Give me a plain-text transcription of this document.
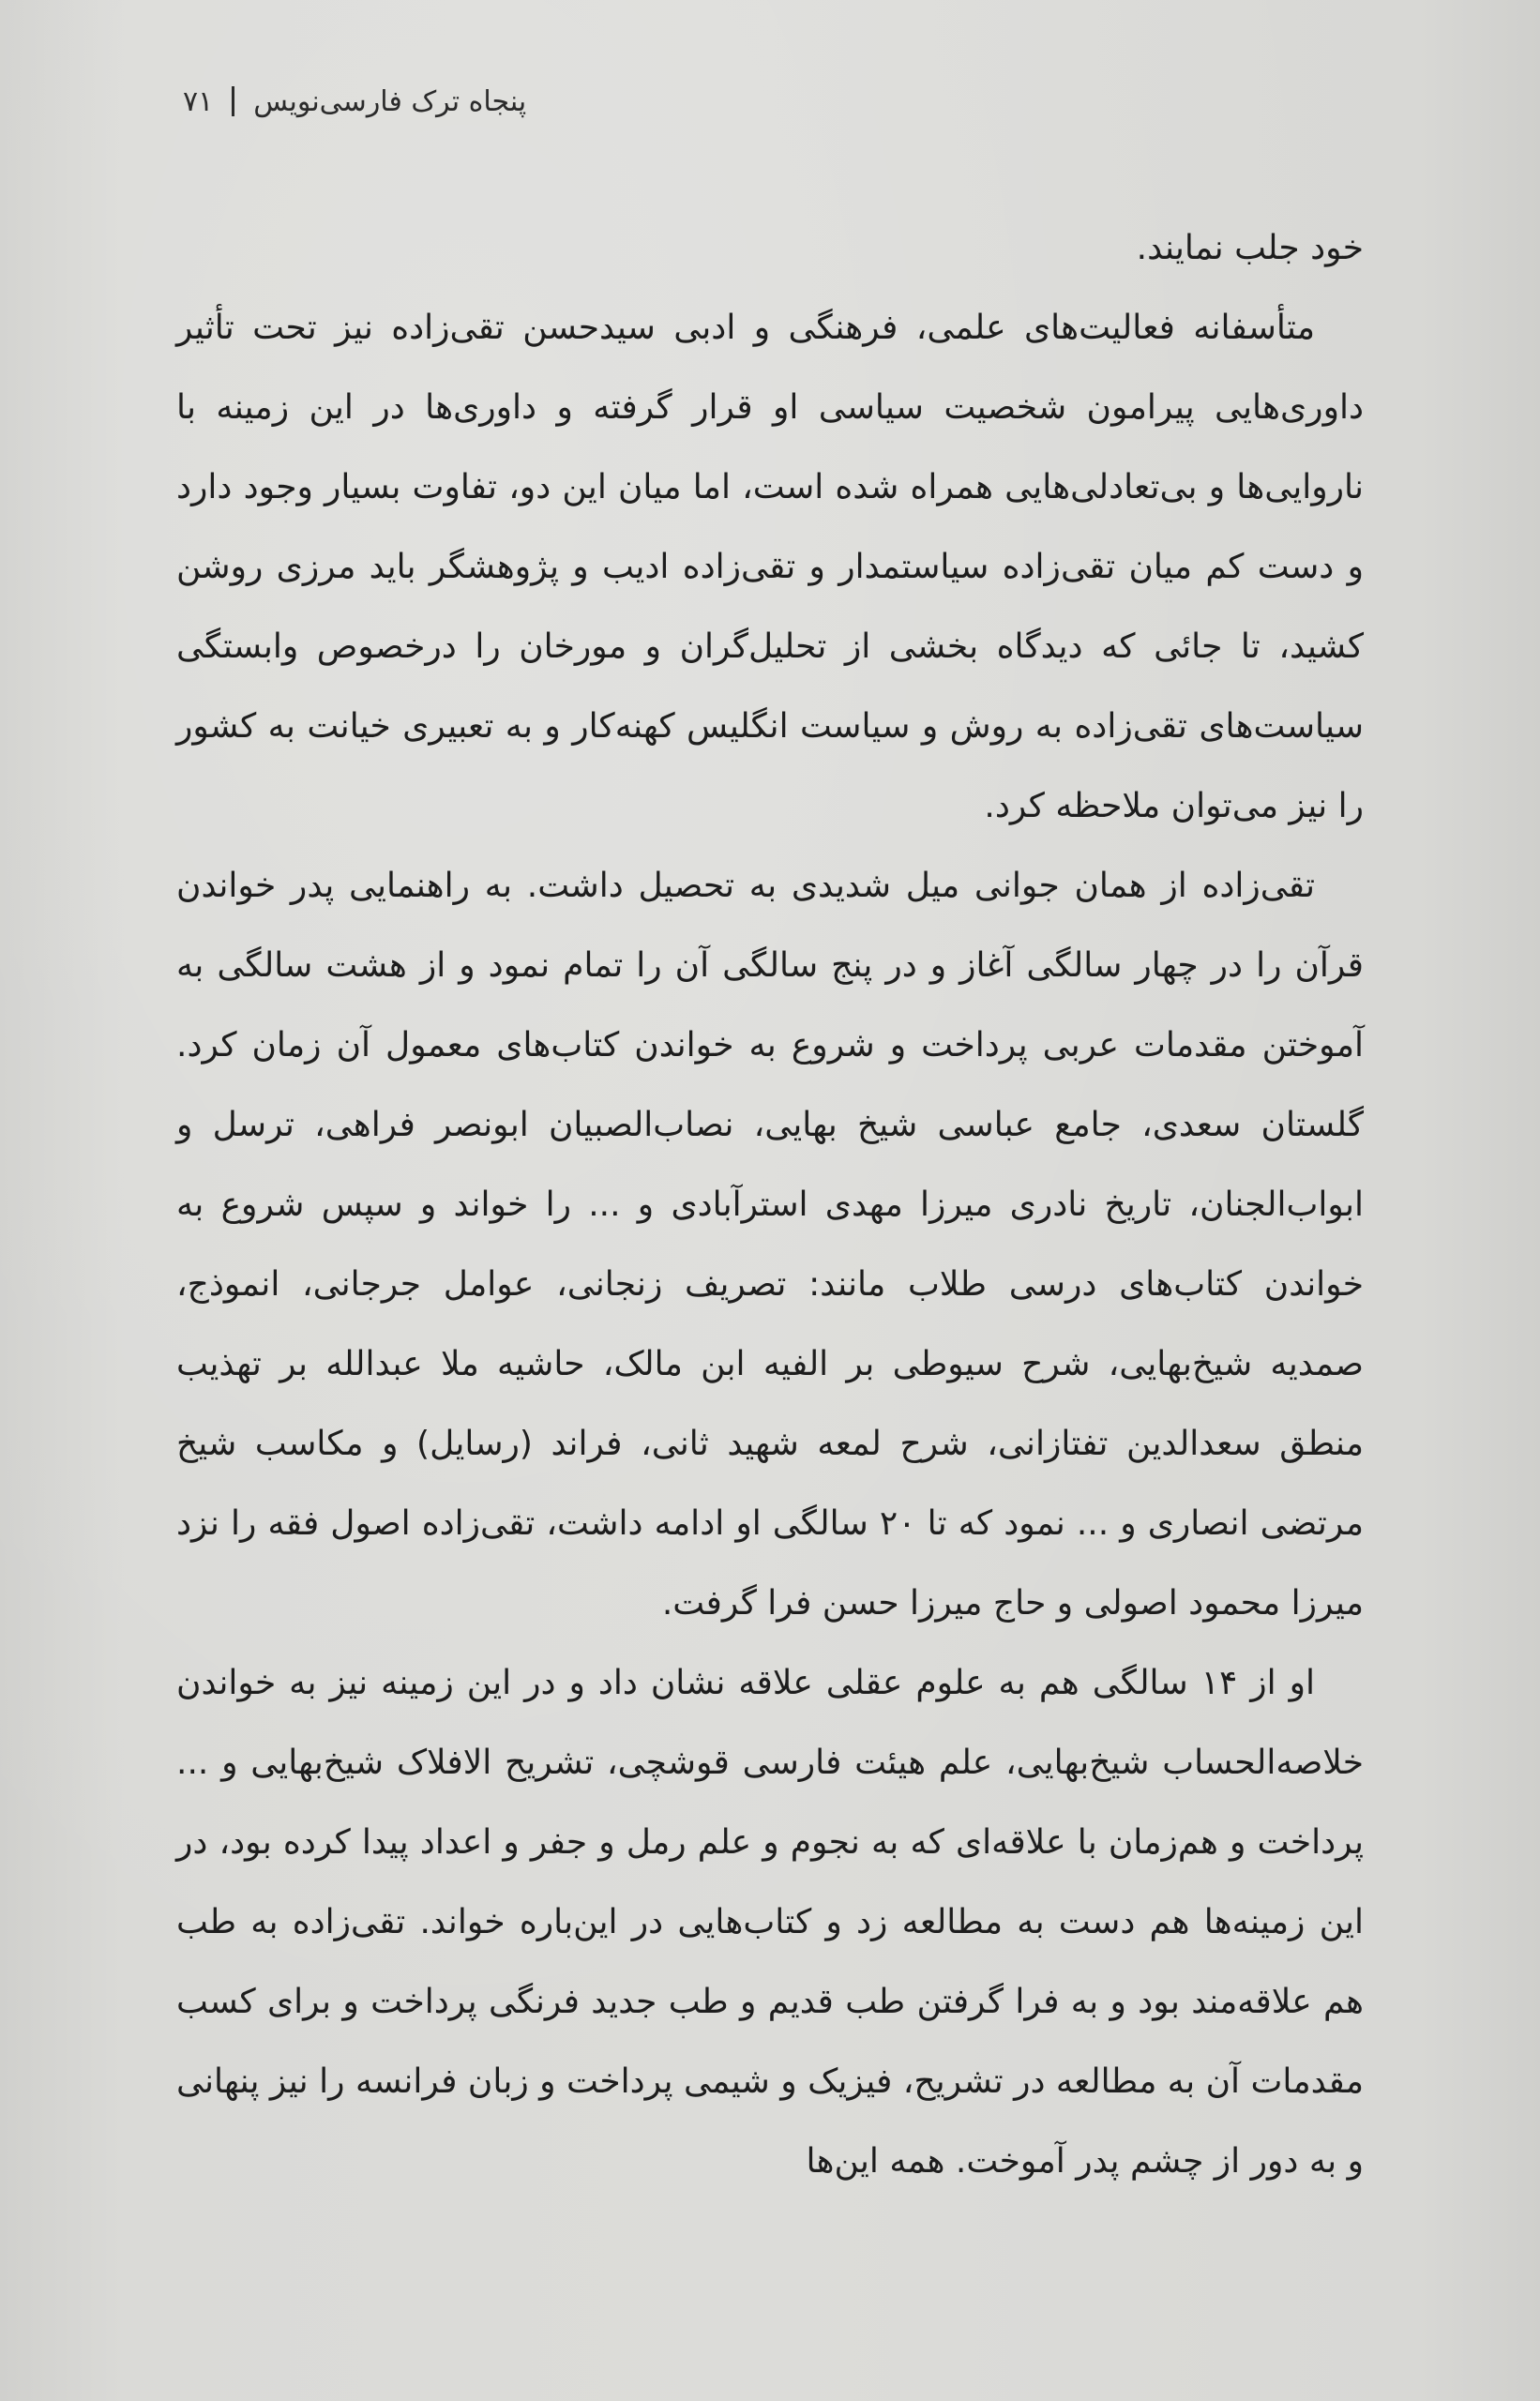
۷۱ پنجاه ترک فارسی‌نویس

خود جلب نمایند.

متأسفانه فعالیت‌های علمی، فرهنگی و ادبی سیدحسن تقی‌زاده نیز تحت تأثیر داوری‌هایی پیرامون شخصیت سیاسی او قرار گرفته و داوری‌ها در این زمینه با ناروایی‌ها و بی‌تعادلی‌هایی همراه شده است، اما میان این دو، تفاوت بسیار وجود دارد و دست کم میان تقی‌زاده سیاستمدار و تقی‌زاده ادیب و پژوهشگر باید مرزی روشن کشید، تا جائی که دیدگاه بخشی از تحلیل‌گران و مورخان را درخصوص وابستگی سیاست‌های تقی‌زاده به روش و سیاست انگلیس کهنه‌کار و به تعبیری خیانت به کشور را نیز می‌توان ملاحظه کرد.

تقی‌زاده از همان جوانی میل شدیدی به تحصیل داشت. به راهنمایی پدر خواندن قرآن را در چهار سالگی آغاز و در پنج سالگی آن را تمام نمود و از هشت سالگی به آموختن مقدمات عربی پرداخت و شروع به خواندن کتاب‌های معمول آن زمان کرد. گلستان سعدی، جامع عباسی شیخ بهایی، نصاب‌الصبیان ابونصر فراهی، ترسل و ابواب‌الجنان، تاریخ نادری میرزا مهدی استرآبادی و ... را خواند و سپس شروع به خواندن کتاب‌های درسی طلاب مانند: تصریف زنجانی، عوامل جرجانی، انموذج، صمدیه شیخ‌بهایی، شرح سیوطی بر الفیه ابن مالک، حاشیه ملا عبدالله بر تهذیب منطق سعدالدین تفتازانی، شرح لمعه شهید ثانی، فراند (رسایل) و مکاسب شیخ مرتضی انصاری و ... نمود که تا ۲۰ سالگی او ادامه داشت، تقی‌زاده اصول فقه را نزد میرزا محمود اصولی و حاج میرزا حسن فرا گرفت.

او از ۱۴ سالگی هم به علوم عقلی علاقه نشان داد و در این زمینه نیز به خواندن خلاصه‌الحساب شیخ‌بهایی، علم هیئت فارسی قوشچی، تشریح الافلاک شیخ‌بهایی و ... پرداخت و هم‌زمان با علاقه‌ای که به نجوم و علم رمل و جفر و اعداد پیدا کرده بود، در این زمینه‌ها هم دست به مطالعه زد و کتاب‌هایی در این‌باره خواند. تقی‌زاده به طب هم علاقه‌مند بود و به فرا گرفتن طب قدیم و طب جدید فرنگی پرداخت و برای کسب مقدمات آن به مطالعه در تشریح، فیزیک و شیمی پرداخت و زبان فرانسه را نیز پنهانی و به دور از چشم پدر آموخت. همه این‌ها
